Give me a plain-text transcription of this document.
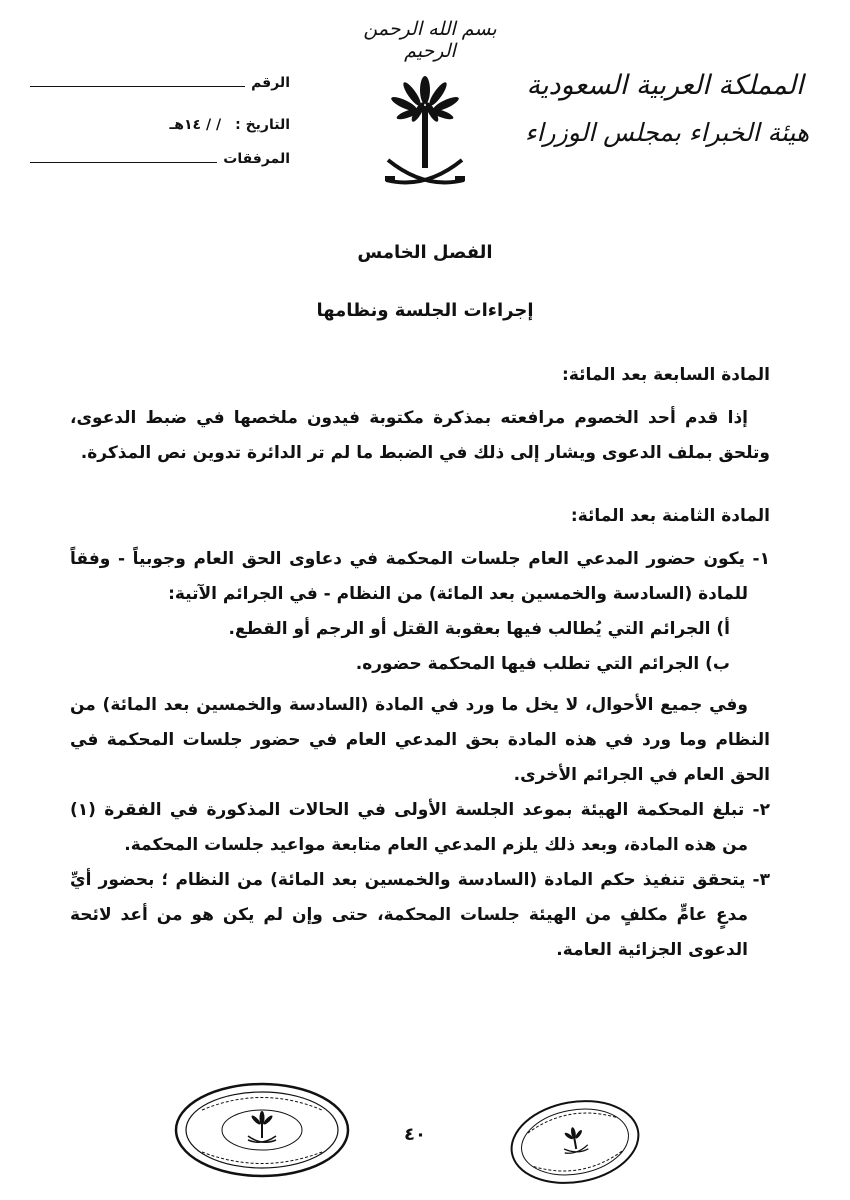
بسم الله الرحمن الرحيم
المملكة العربية السعودية
هيئة الخبراء بمجلس الوزراء
الرقم
التاريخ :
/ / ١٤هـ
المرفقات
الفصل الخامس
إجراءات الجلسة ونظامها
المادة السابعة بعد المائة:

إذا قدم أحد الخصوم مرافعته بمذكرة مكتوبة فيدون ملخصها في ضبط الدعوى، وتلحق بملف الدعوى ويشار إلى ذلك في الضبط ما لم تر الدائرة تدوين نص المذكرة.

المادة الثامنة بعد المائة:

١- يكون حضور المدعي العام جلسات المحكمة في دعاوى الحق العام وجوبياً - وفقاً للمادة (السادسة والخمسين بعد المائة) من النظام - في الجرائم الآتية:

أ) الجرائم التي يُطالب فيها بعقوبة القتل أو الرجم أو القطع.

ب) الجرائم التي تطلب فيها المحكمة حضوره.

وفي جميع الأحوال، لا يخل ما ورد في المادة (السادسة والخمسين بعد المائة) من النظام وما ورد في هذه المادة بحق المدعي العام في حضور جلسات المحكمة في الحق العام في الجرائم الأخرى.

٢- تبلغ المحكمة الهيئة بموعد الجلسة الأولى في الحالات المذكورة في الفقرة (١) من هذه المادة، وبعد ذلك يلزم المدعي العام متابعة مواعيد جلسات المحكمة.

٣- يتحقق تنفيذ حكم المادة (السادسة والخمسين بعد المائة) من النظام ؛ بحضور أيِّ مدعٍ عامٍّ مكلفٍ من الهيئة جلسات المحكمة، حتى وإن لم يكن هو من أعد لائحة الدعوى الجزائية العامة.

٤٠
